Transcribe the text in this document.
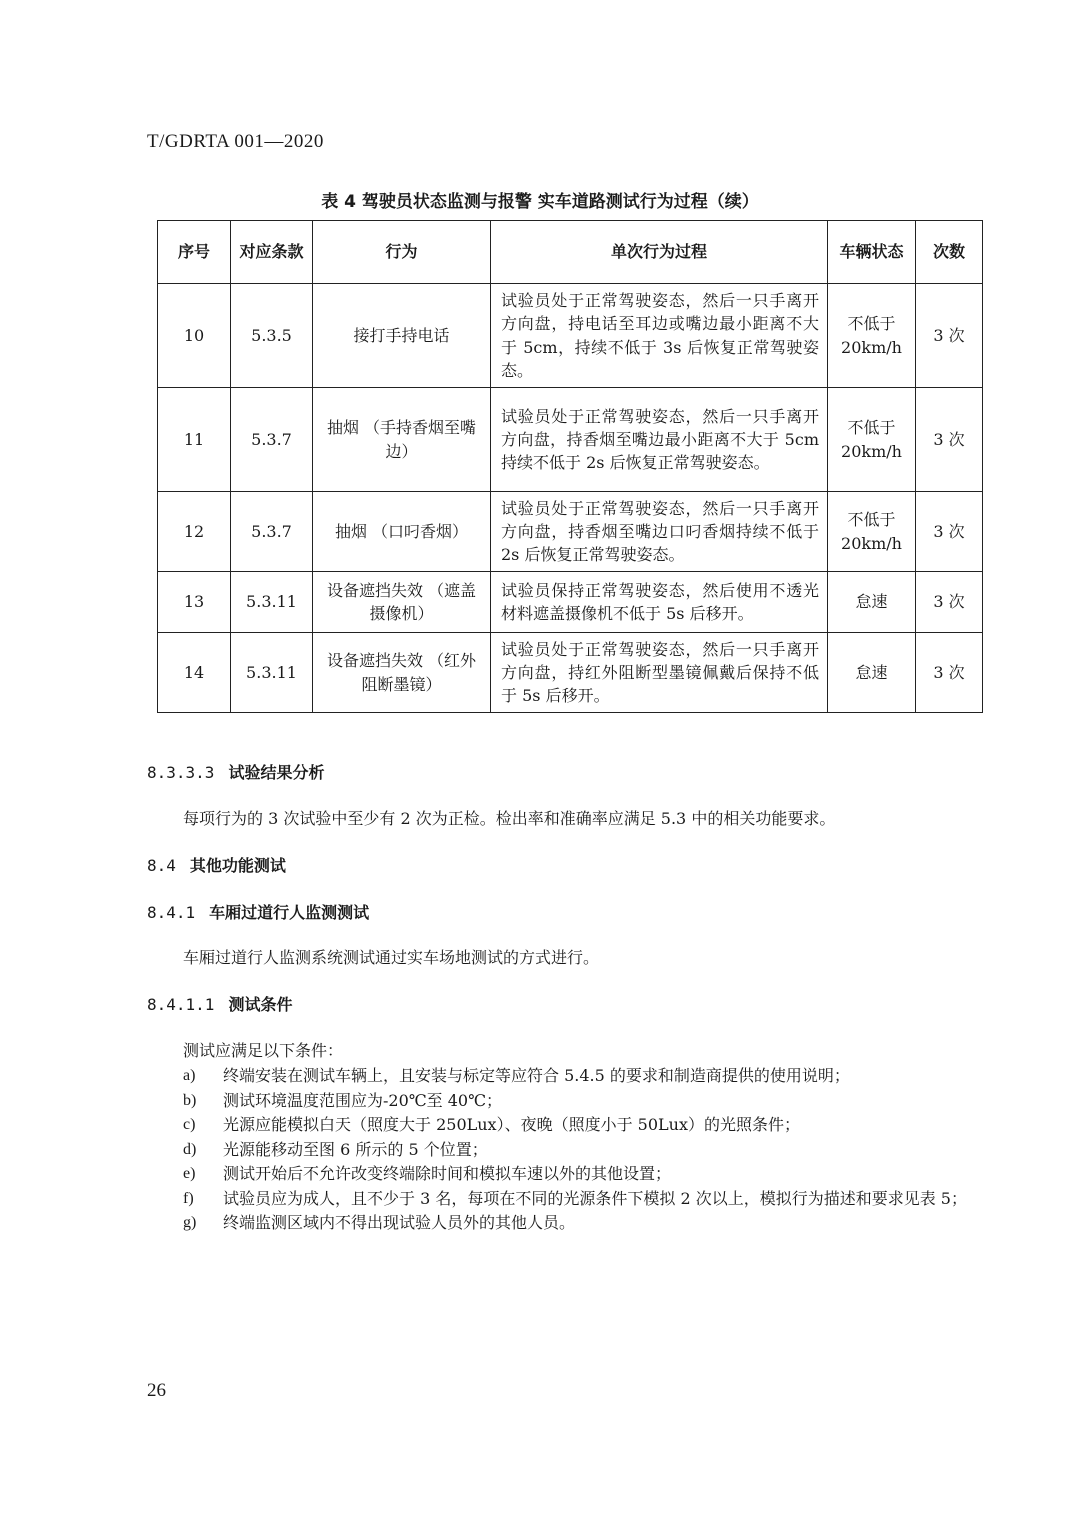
T/GDRTA 001—2020
表 4 驾驶员状态监测与报警 实车道路测试行为过程（续）
序号	对应条款	行为	单次行为过程	车辆状态	次数
10	5.3.5	接打手持电话	试验员处于正常驾驶姿态，然后一只手离开方向盘，持电话至耳边或嘴边最小距离不大于 5cm，持续不低于 3s 后恢复正常驾驶姿态。	不低于 20km/h	3 次
11	5.3.7	抽烟 （手持香烟至嘴边）	试验员处于正常驾驶姿态，然后一只手离开方向盘，持香烟至嘴边最小距离不大于 5cm 持续不低于 2s 后恢复正常驾驶姿态。	不低于 20km/h	3 次
12	5.3.7	抽烟 （口叼香烟）	试验员处于正常驾驶姿态，然后一只手离开方向盘，持香烟至嘴边口叼香烟持续不低于 2s 后恢复正常驾驶姿态。	不低于 20km/h	3 次
13	5.3.11	设备遮挡失效 （遮盖摄像机）	试验员保持正常驾驶姿态，然后使用不透光材料遮盖摄像机不低于 5s 后移开。	怠速	3 次
14	5.3.11	设备遮挡失效 （红外阻断墨镜）	试验员处于正常驾驶姿态，然后一只手离开方向盘，持红外阻断型墨镜佩戴后保持不低于 5s 后移开。	怠速	3 次
8.3.3.3 试验结果分析
每项行为的 3 次试验中至少有 2 次为正检。检出率和准确率应满足 5.3 中的相关功能要求。
8.4 其他功能测试
8.4.1 车厢过道行人监测测试
车厢过道行人监测系统测试通过实车场地测试的方式进行。
8.4.1.1 测试条件
测试应满足以下条件：
a)	终端安装在测试车辆上，且安装与标定等应符合 5.4.5 的要求和制造商提供的使用说明；
b)	测试环境温度范围应为-20℃至 40℃；
c)	光源应能模拟白天（照度大于 250Lux）、夜晚（照度小于 50Lux）的光照条件；
d)	光源能移动至图 6 所示的 5 个位置；
e)	测试开始后不允许改变终端除时间和模拟车速以外的其他设置；
f)	试验员应为成人，且不少于 3 名，每项在不同的光源条件下模拟 2 次以上，模拟行为描述和要求见表 5；
g)	终端监测区域内不得出现试验人员外的其他人员。
26
